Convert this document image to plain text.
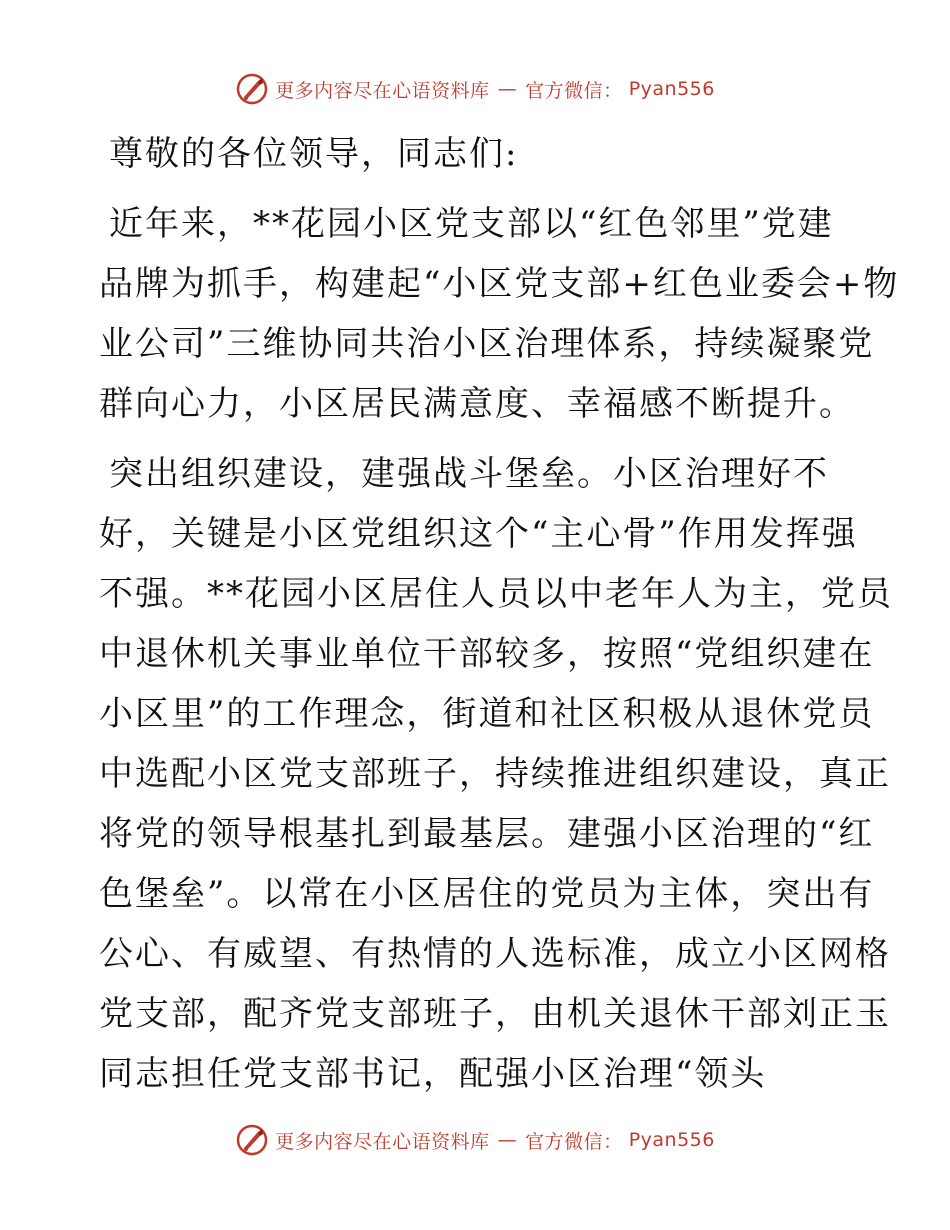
更多内容尽在心语资料库 — 官方微信： Pyan556
尊敬的各位领导，同志们:
近年来，**花园小区党支部以“红色邻里”党建
品牌为抓手，构建起“小区党支部+红色业委会+物
业公司”三维协同共治小区治理体系，持续凝聚党
群向心力，小区居民满意度、幸福感不断提升。
突出组织建设，建强战斗堡垒。小区治理好不
好，关键是小区党组织这个“主心骨”作用发挥强
不强。**花园小区居住人员以中老年人为主，党员
中退休机关事业单位干部较多，按照“党组织建在
小区里”的工作理念，街道和社区积极从退休党员
中选配小区党支部班子，持续推进组织建设，真正
将党的领导根基扎到最基层。建强小区治理的“红
色堡垒”。以常在小区居住的党员为主体，突出有
公心、有威望、有热情的人选标准，成立小区网格
党支部，配齐党支部班子，由机关退休干部刘正玉
同志担任党支部书记，配强小区治理“领头
更多内容尽在心语资料库 — 官方微信： Pyan556
